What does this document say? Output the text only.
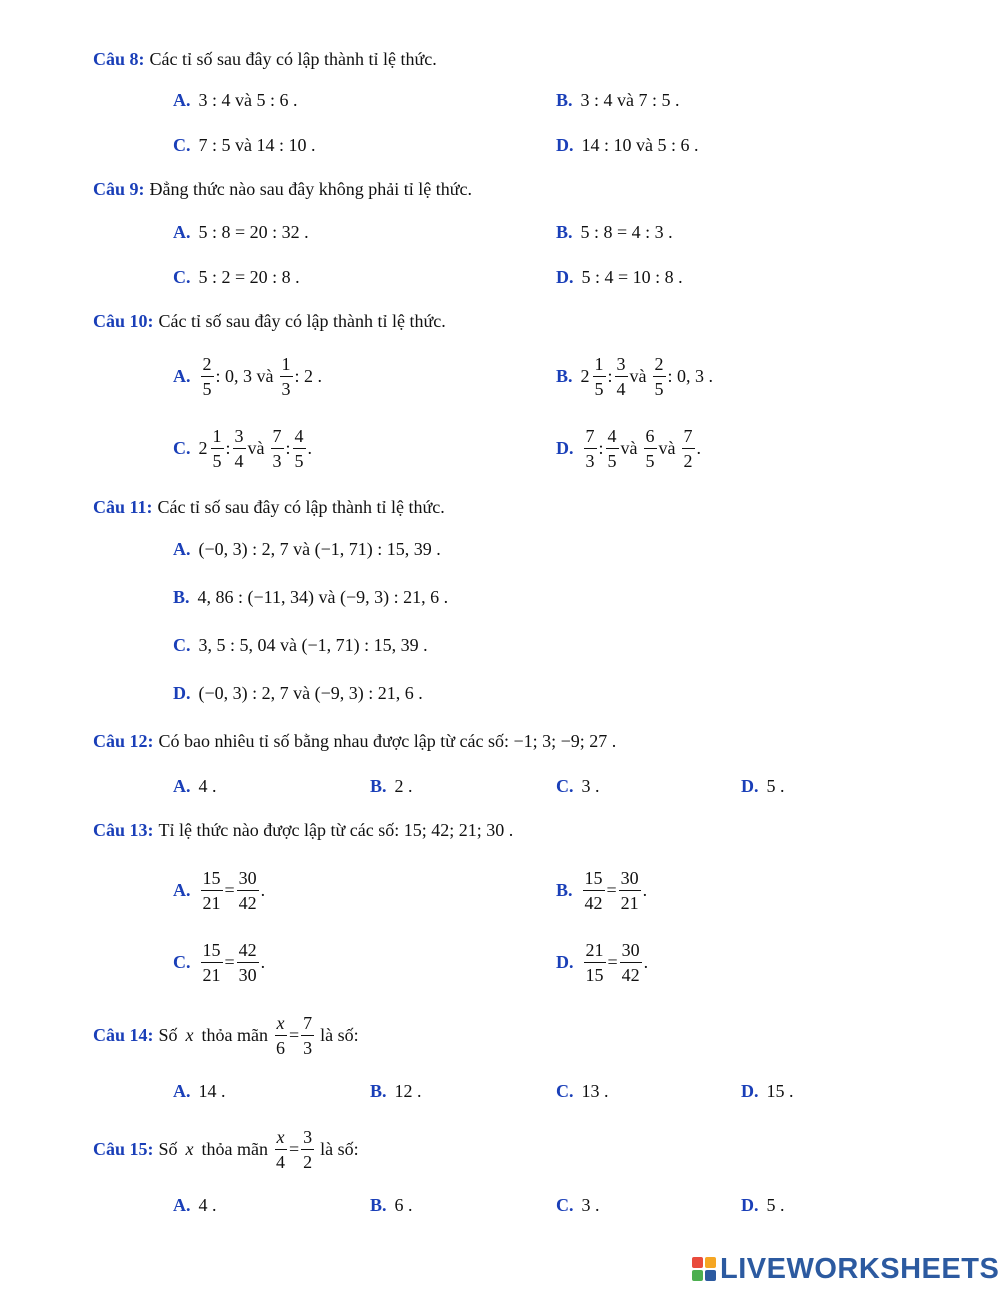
Câu 8: Các tỉ số sau đây có lập thành tỉ lệ thức.
A. 3 : 4 và 5 : 6 .	B. 3 : 4 và 7 : 5 .
C. 7 : 5 và 14 : 10 .	D. 14 : 10 và 5 : 6 .
Câu 9: Đẳng thức nào sau đây không phải tỉ lệ thức.
A. 5 : 8 = 20 : 32 .	B. 5 : 8 = 4 : 3 .
C. 5 : 2 = 20 : 8 .	D. 5 : 4 = 10 : 8 .
Câu 10: Các tỉ số sau đây có lập thành tỉ lệ thức.
A. $\frac{2}{5}$ : 0, 3 và $\frac{1}{3}$ : 2 .	B. $2 \frac{1}{5}$ : $\frac{3}{4}$ và $\frac{2}{5}$ : 0, 3 .
C. $2 \frac{1}{5}$ : $\frac{3}{4}$ và $\frac{7}{3}$ : $\frac{4}{5}$ .	D. $\frac{7}{3}$ : $\frac{4}{5}$ và $\frac{6}{5}$ và $\frac{7}{2}$ .
Câu 11: Các tỉ số sau đây có lập thành tỉ lệ thức.
A. (−0, 3) : 2, 7 và (−1, 71) : 15, 39 .
B. 4, 86 : (−11, 34) và (−9, 3) : 21, 6 .
C. 3, 5 : 5, 04 và (−1, 71) : 15, 39 .
D. (−0, 3) : 2, 7 và (−9, 3) : 21, 6 .
Câu 12: Có bao nhiêu tỉ số bằng nhau được lập từ các số: −1; 3; −9; 27 .
A. 4 .	B. 2 .	C. 3 .	D. 5 .
Câu 13: Tỉ lệ thức nào được lập từ các số: 15; 42; 21; 30 .
A. $\frac{15}{21} = \frac{30}{42}$ .	B. $\frac{15}{42} = \frac{30}{21}$ .
C. $\frac{15}{21} = \frac{42}{30}$ .	D. $\frac{21}{15} = \frac{30}{42}$ .
Câu 14: Số x thỏa mãn $\frac{x}{6} = \frac{7}{3}$ là số:
A. 14 .	B. 12 .	C. 13 .	D. 15 .
Câu 15: Số x thỏa mãn $\frac{x}{4} = \frac{3}{2}$ là số:
A. 4 .	B. 6 .	C. 3 .	D. 5 .
LIVEWORKSHEETS
